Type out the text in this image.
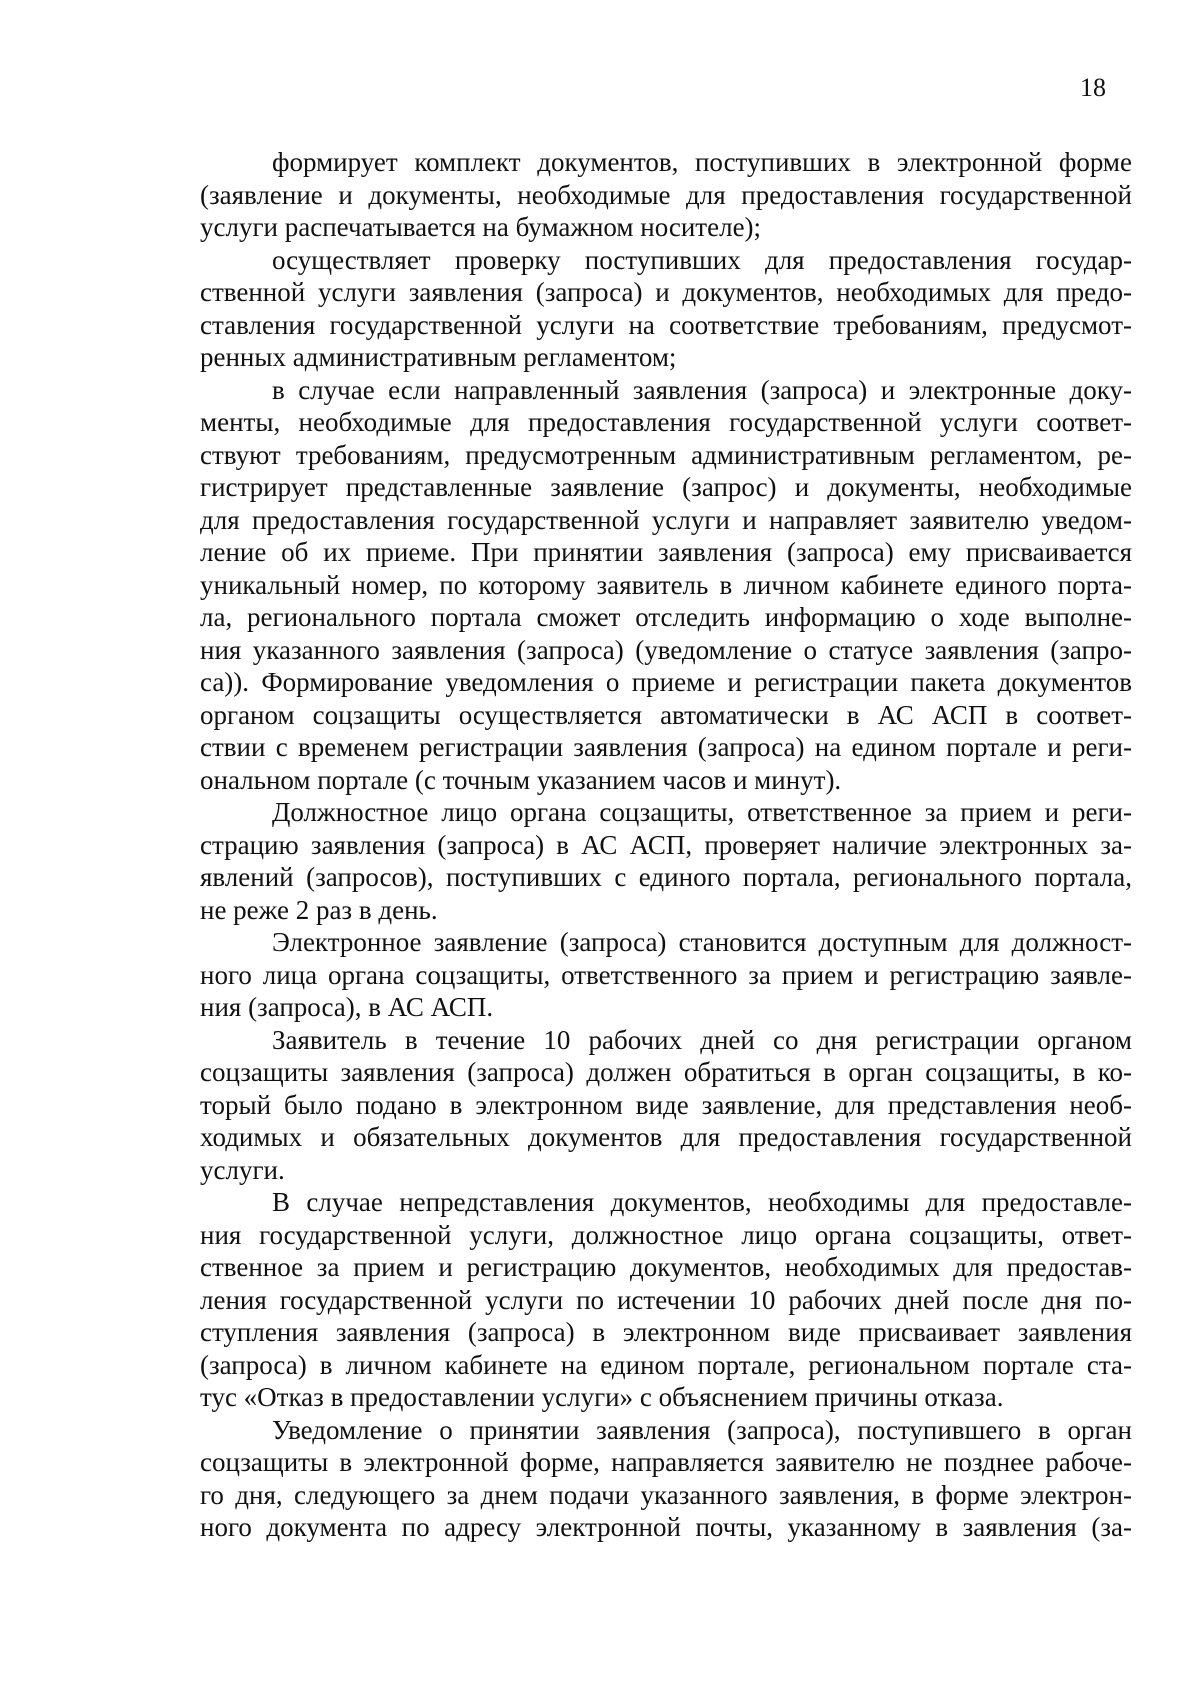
18
формирует комплект документов, поступивших в электронной форме
(заявление и документы, необходимые для предоставления государственной
услуги распечатывается на бумажном носителе);
осуществляет проверку поступивших для предоставления государ-
ственной услуги заявления (запроса) и документов, необходимых для предо-
ставления государственной услуги на соответствие требованиям, предусмот-
ренных административным регламентом;
в случае если направленный заявления (запроса) и электронные доку-
менты, необходимые для предоставления государственной услуги соответ-
ствуют требованиям, предусмотренным административным регламентом, ре-
гистрирует представленные заявление (запрос) и документы, необходимые
для предоставления государственной услуги и направляет заявителю уведом-
ление об их приеме. При принятии заявления (запроса) ему присваивается
уникальный номер, по которому заявитель в личном кабинете единого порта-
ла, регионального портала сможет отследить информацию о ходе выполне-
ния указанного заявления (запроса) (уведомление о статусе заявления (запро-
са)). Формирование уведомления о приеме и регистрации пакета документов
органом соцзащиты осуществляется автоматически в АС АСП в соответ-
ствии с временем регистрации заявления (запроса) на едином портале и реги-
ональном портале (с точным указанием часов и минут).
Должностное лицо органа соцзащиты, ответственное за прием и реги-
страцию заявления (запроса) в АС АСП, проверяет наличие электронных за-
явлений (запросов), поступивших с единого портала, регионального портала,
не реже 2 раз в день.
Электронное заявление (запроса) становится доступным для должност-
ного лица органа соцзащиты, ответственного за прием и регистрацию заявле-
ния (запроса), в АС АСП.
Заявитель в течение 10 рабочих дней со дня регистрации органом
соцзащиты заявления (запроса) должен обратиться в орган соцзащиты, в ко-
торый было подано в электронном виде заявление, для представления необ-
ходимых и обязательных документов для предоставления государственной
услуги.
В случае непредставления документов, необходимы для предоставле-
ния государственной услуги, должностное лицо органа соцзащиты, ответ-
ственное за прием и регистрацию документов, необходимых для предостав-
ления государственной услуги по истечении 10 рабочих дней после дня по-
ступления заявления (запроса) в электронном виде присваивает заявления
(запроса) в личном кабинете на едином портале, региональном портале ста-
тус «Отказ в предоставлении услуги» с объяснением причины отказа.
Уведомление о принятии заявления (запроса), поступившего в орган
соцзащиты в электронной форме, направляется заявителю не позднее рабоче-
го дня, следующего за днем подачи указанного заявления, в форме электрон-
ного документа по адресу электронной почты, указанному в заявления (за-
